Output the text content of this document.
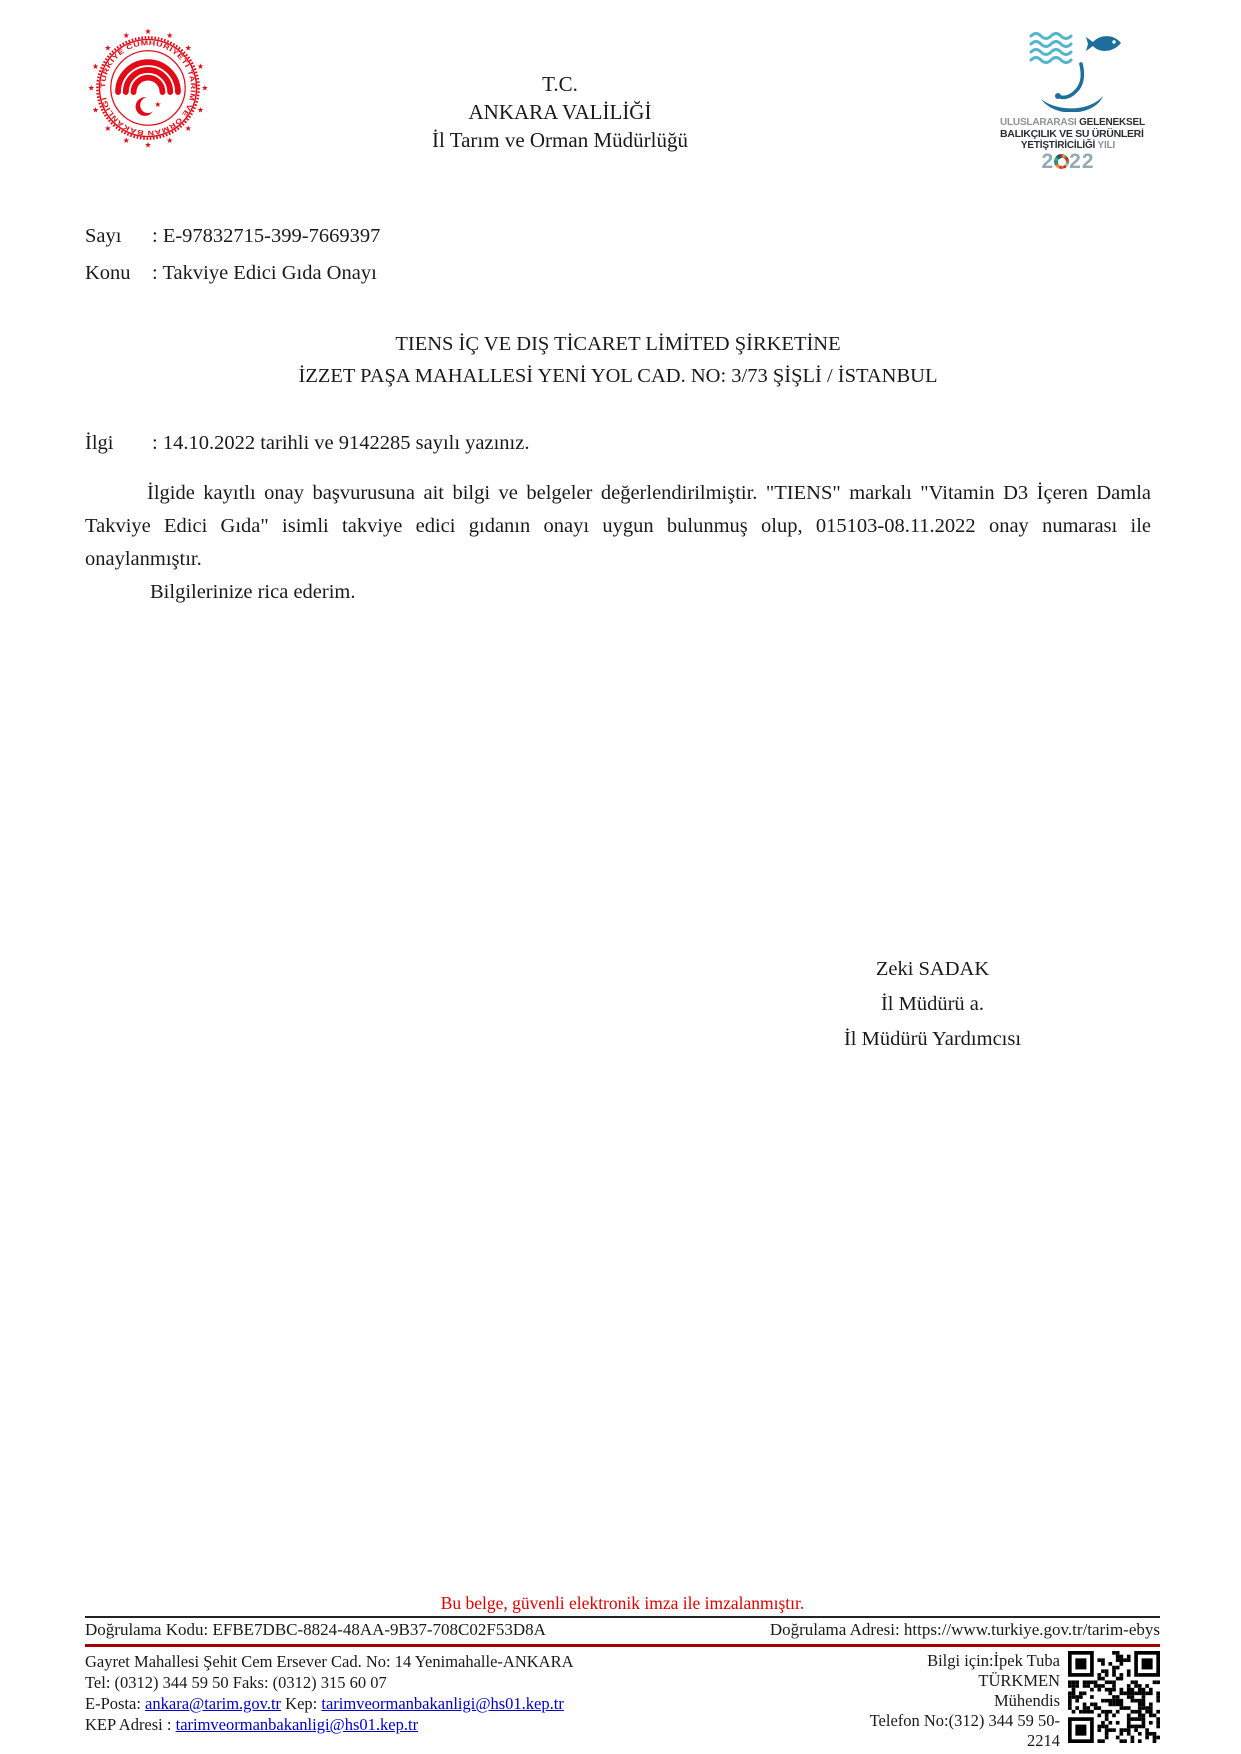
★
★
★
★
★
★
★
★
★
★
★
★ ★ ★
★
★
TÜRKİYE CUMHURİYETİ TARIM VE ORMAN BAKANLIĞI
★
T.C.
ANKARA VALİLİĞİ
İl Tarım ve Orman Müdürlüğü
ULUSLARARASI GELENEKSEL
BALIKÇILIK VE SU ÜRÜNLERİ
YETİŞTİRİCİLİĞİ YILI
2 22
Sayı : E-97832715-399-7669397
Konu : Takviye Edici Gıda Onayı
TIENS İÇ VE DIŞ TİCARET LİMİTED ŞİRKETİNE
İZZET PAŞA MAHALLESİ YENİ YOL CAD. NO: 3/73 ŞİŞLİ / İSTANBUL
İlgi : 14.10.2022 tarihli ve 9142285 sayılı yazınız.

İlgide kayıtlı onay başvurusuna ait bilgi ve belgeler değerlendirilmiştir. "TIENS" markalı "Vitamin D3 İçeren Damla Takviye Edici Gıda" isimli takviye edici gıdanın onayı uygun bulunmuş olup, 015103-08.11.2022 onay numarası ile onaylanmıştır.

Bilgilerinize rica ederim.

Zeki SADAK
İl Müdürü a.
İl Müdürü Yardımcısı
Bu belge, güvenli elektronik imza ile imzalanmıştır.
Doğrulama Kodu: EFBE7DBC-8824-48AA-9B37-708C02F53D8A	Doğrulama Adresi: https://www.turkiye.gov.tr/tarim-ebys
Gayret Mahallesi Şehit Cem Ersever Cad. No: 14 Yenimahalle-ANKARA
Tel: (0312) 344 59 50 Faks: (0312) 315 60 07
E-Posta: ankara@tarim.gov.tr Kep: tarimveormanbakanligi@hs01.kep.tr
KEP Adresi : tarimveormanbakanligi@hs01.kep.tr
Bilgi için:İpek Tuba
TÜRKMEN
Mühendis
Telefon No:(312) 344 59 50-
2214
